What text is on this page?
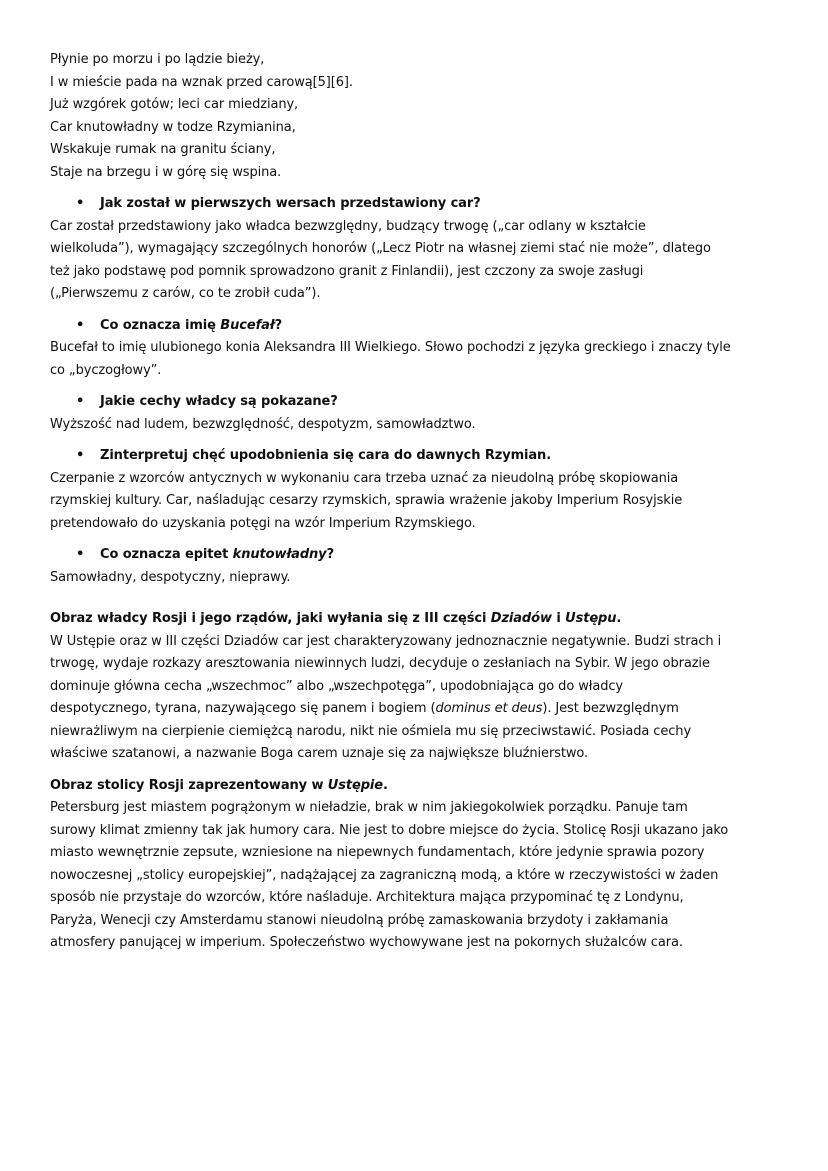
Płynie po morzu i po lądzie bieży,
I w mieście pada na wznak przed carową[5][6].
Już wzgórek gotów; leci car miedziany,
Car knutowładny w todze Rzymianina,
Wskakuje rumak na granitu ściany,
Staje na brzegu i w górę się wspina.
• Jak został w pierwszych wersach przedstawiony car?
Car został przedstawiony jako władca bezwzględny, budzący trwogę („car odlany w kształcie
wielkoluda”), wymagający szczególnych honorów („Lecz Piotr na własnej ziemi stać nie może”, dlatego
też jako podstawę pod pomnik sprowadzono granit z Finlandii), jest czczony za swoje zasługi
(„Pierwszemu z carów, co te zrobił cuda”).
• Co oznacza imię Bucefał?
Bucefał to imię ulubionego konia Aleksandra III Wielkiego. Słowo pochodzi z języka greckiego i znaczy tyle
co „byczogłowy”.
• Jakie cechy władcy są pokazane?
Wyższość nad ludem, bezwzględność, despotyzm, samowładztwo.
• Zinterpretuj chęć upodobnienia się cara do dawnych Rzymian.
Czerpanie z wzorców antycznych w wykonaniu cara trzeba uznać za nieudolną próbę skopiowania
rzymskiej kultury. Car, naśladując cesarzy rzymskich, sprawia wrażenie jakoby Imperium Rosyjskie
pretendowało do uzyskania potęgi na wzór Imperium Rzymskiego.
• Co oznacza epitet knutowładny?
Samowładny, despotyczny, nieprawy.
Obraz władcy Rosji i jego rządów, jaki wyłania się z III części Dziadów i Ustępu.
W Ustępie oraz w III części Dziadów car jest charakteryzowany jednoznacznie negatywnie. Budzi strach i
trwogę, wydaje rozkazy aresztowania niewinnych ludzi, decyduje o zesłaniach na Sybir. W jego obrazie
dominuje główna cecha „wszechmoc” albo „wszechpotęga”, upodobniająca go do władcy
despotycznego, tyrana, nazywającego się panem i bogiem (dominus et deus). Jest bezwzględnym
niewrażliwym na cierpienie ciemiężcą narodu, nikt nie ośmiela mu się przeciwstawić. Posiada cechy
właściwe szatanowi, a nazwanie Boga carem uznaje się za największe bluźnierstwo.
Obraz stolicy Rosji zaprezentowany w Ustępie.
Petersburg jest miastem pogrążonym w nieładzie, brak w nim jakiegokolwiek porządku. Panuje tam
surowy klimat zmienny tak jak humory cara. Nie jest to dobre miejsce do życia. Stolicę Rosji ukazano jako
miasto wewnętrznie zepsute, wzniesione na niepewnych fundamentach, które jedynie sprawia pozory
nowoczesnej „stolicy europejskiej”, nadążającej za zagraniczną modą, a które w rzeczywistości w żaden
sposób nie przystaje do wzorców, które naśladuje. Architektura mająca przypominać tę z Londynu,
Paryża, Wenecji czy Amsterdamu stanowi nieudolną próbę zamaskowania brzydoty i zakłamania
atmosfery panującej w imperium. Społeczeństwo wychowywane jest na pokornych służalców cara.
